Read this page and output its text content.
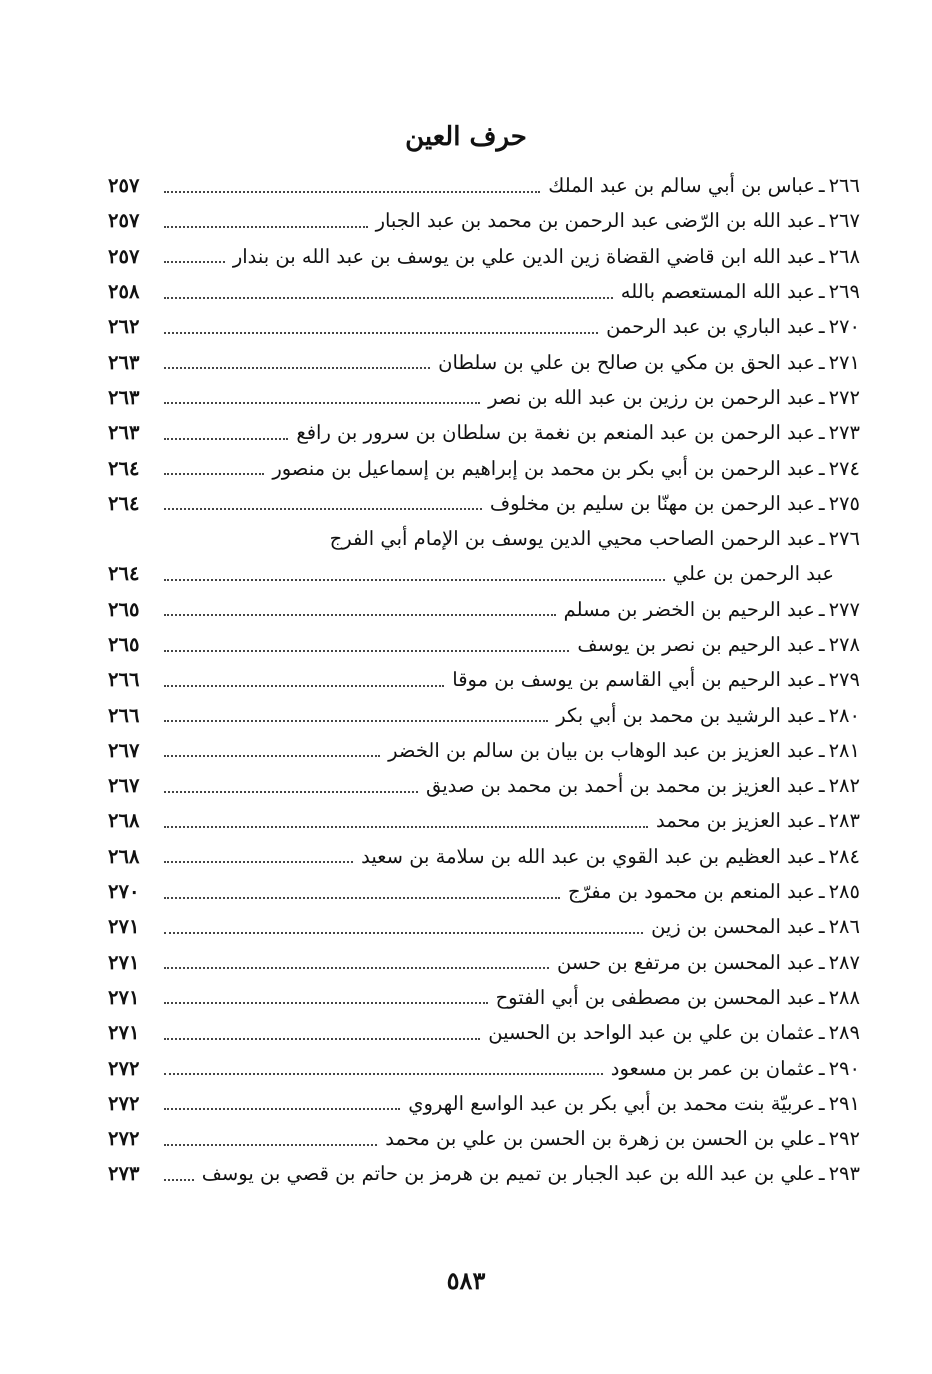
حرف العين
٢٦٦
ـ
عباس بن أبي سالم بن عبد الملك
٢٥٧
٢٦٧
ـ
عبد الله بن الرّضى عبد الرحمن بن محمد بن عبد الجبار
٢٥٧
٢٦٨
ـ
عبد الله ابن قاضي القضاة زين الدين علي بن يوسف بن عبد الله بن بندار
٢٥٧
٢٦٩
ـ
عبد الله المستعصم بالله
٢٥٨
٢٧٠
ـ
عبد الباري بن عبد الرحمن
٢٦٢
٢٧١
ـ
عبد الحق بن مكي بن صالح بن علي بن سلطان
٢٦٣
٢٧٢
ـ
عبد الرحمن بن رزين بن عبد الله بن نصر
٢٦٣
٢٧٣
ـ
عبد الرحمن بن عبد المنعم بن نغمة بن سلطان بن سرور بن رافع
٢٦٣
٢٧٤
ـ
عبد الرحمن بن أبي بكر بن محمد بن إبراهيم بن إسماعيل بن منصور
٢٦٤
٢٧٥
ـ
عبد الرحمن بن مهنّا بن سليم بن مخلوف
٢٦٤
٢٧٦
ـ
عبد الرحمن الصاحب محيي الدين يوسف بن الإمام أبي الفرج
عبد الرحمن بن علي
٢٦٤
٢٧٧
ـ
عبد الرحيم بن الخضر بن مسلم
٢٦٥
٢٧٨
ـ
عبد الرحيم بن نصر بن يوسف
٢٦٥
٢٧٩
ـ
عبد الرحيم بن أبي القاسم بن يوسف بن موقا
٢٦٦
٢٨٠
ـ
عبد الرشيد بن محمد بن أبي بكر
٢٦٦
٢٨١
ـ
عبد العزيز بن عبد الوهاب بن بيان بن سالم بن الخضر
٢٦٧
٢٨٢
ـ
عبد العزيز بن محمد بن أحمد بن محمد بن صديق
٢٦٧
٢٨٣
ـ
عبد العزيز بن محمد
٢٦٨
٢٨٤
ـ
عبد العظيم بن عبد القوي بن عبد الله بن سلامة بن سعيد
٢٦٨
٢٨٥
ـ
عبد المنعم بن محمود بن مفرّج
٢٧٠
٢٨٦
ـ
عبد المحسن بن زين
٢٧١
٢٨٧
ـ
عبد المحسن بن مرتفع بن حسن
٢٧١
٢٨٨
ـ
عبد المحسن بن مصطفى بن أبي الفتوح
٢٧١
٢٨٩
ـ
عثمان بن علي بن عبد الواحد بن الحسين
٢٧١
٢٩٠
ـ
عثمان بن عمر بن مسعود
٢٧٢
٢٩١
ـ
عربيّة بنت محمد بن أبي بكر بن عبد الواسع الهروي
٢٧٢
٢٩٢
ـ
علي بن الحسن بن زهرة بن الحسن بن علي بن محمد
٢٧٢
٢٩٣
ـ
علي بن عبد الله بن عبد الجبار بن تميم بن هرمز بن حاتم بن قصي بن يوسف
٢٧٣
٥٨٣
